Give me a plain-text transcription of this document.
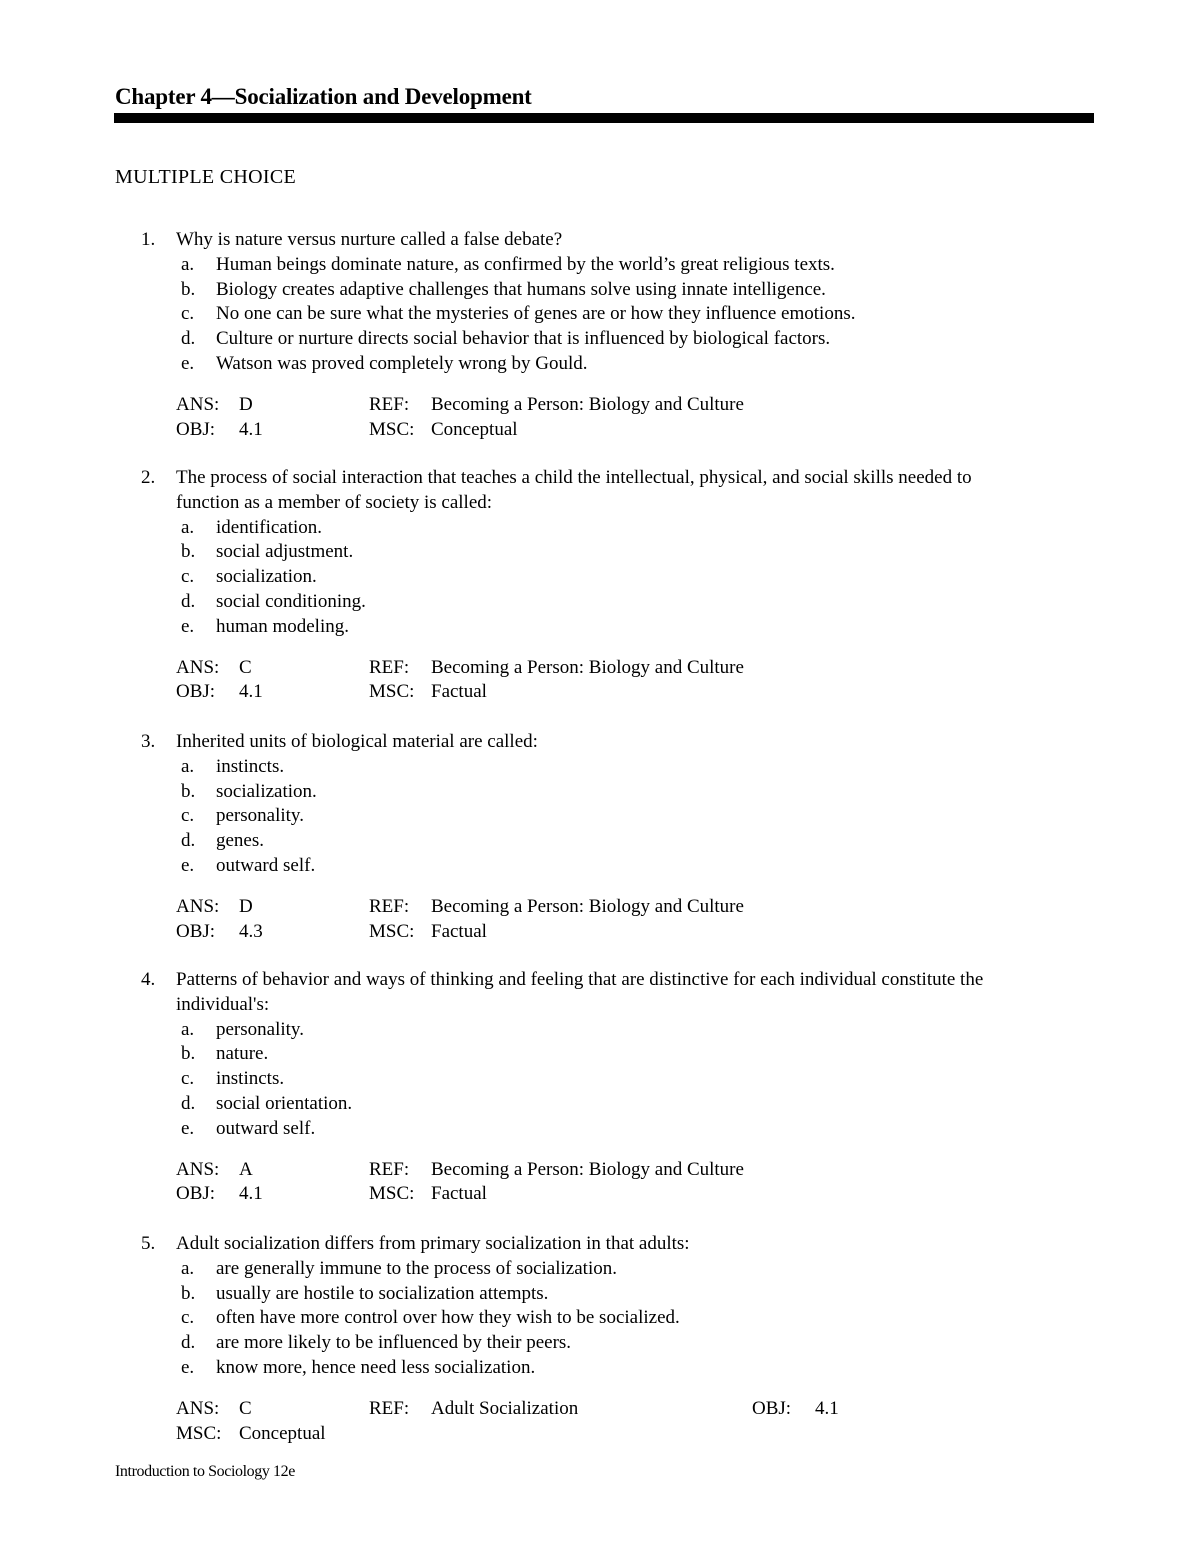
Chapter 4—Socialization and Development
MULTIPLE CHOICE
1. Why is nature versus nurture called a false debate?
a. Human beings dominate nature, as confirmed by the world’s great religious texts.
b. Biology creates adaptive challenges that humans solve using innate intelligence.
c. No one can be sure what the mysteries of genes are or how they influence emotions.
d. Culture or nurture directs social behavior that is influenced by biological factors.
e. Watson was proved completely wrong by Gould.
ANS: D	REF: Becoming a Person: Biology and Culture
OBJ: 4.1	MSC: Conceptual
2. The process of social interaction that teaches a child the intellectual, physical, and social skills needed to
function as a member of society is called:
a. identification.
b. social adjustment.
c. socialization.
d. social conditioning.
e. human modeling.
ANS: C	REF: Becoming a Person: Biology and Culture
OBJ: 4.1	MSC: Factual
3. Inherited units of biological material are called:
a. instincts.
b. socialization.
c. personality.
d. genes.
e. outward self.
ANS: D	REF: Becoming a Person: Biology and Culture
OBJ: 4.3	MSC: Factual
4. Patterns of behavior and ways of thinking and feeling that are distinctive for each individual constitute the
individual's:
a. personality.
b. nature.
c. instincts.
d. social orientation.
e. outward self.
ANS: A	REF: Becoming a Person: Biology and Culture
OBJ: 4.1	MSC: Factual
5. Adult socialization differs from primary socialization in that adults:
a. are generally immune to the process of socialization.
b. usually are hostile to socialization attempts.
c. often have more control over how they wish to be socialized.
d. are more likely to be influenced by their peers.
e. know more, hence need less socialization.
ANS: C	REF: Adult Socialization	OBJ: 4.1
MSC: Conceptual
Introduction to Sociology 12e
